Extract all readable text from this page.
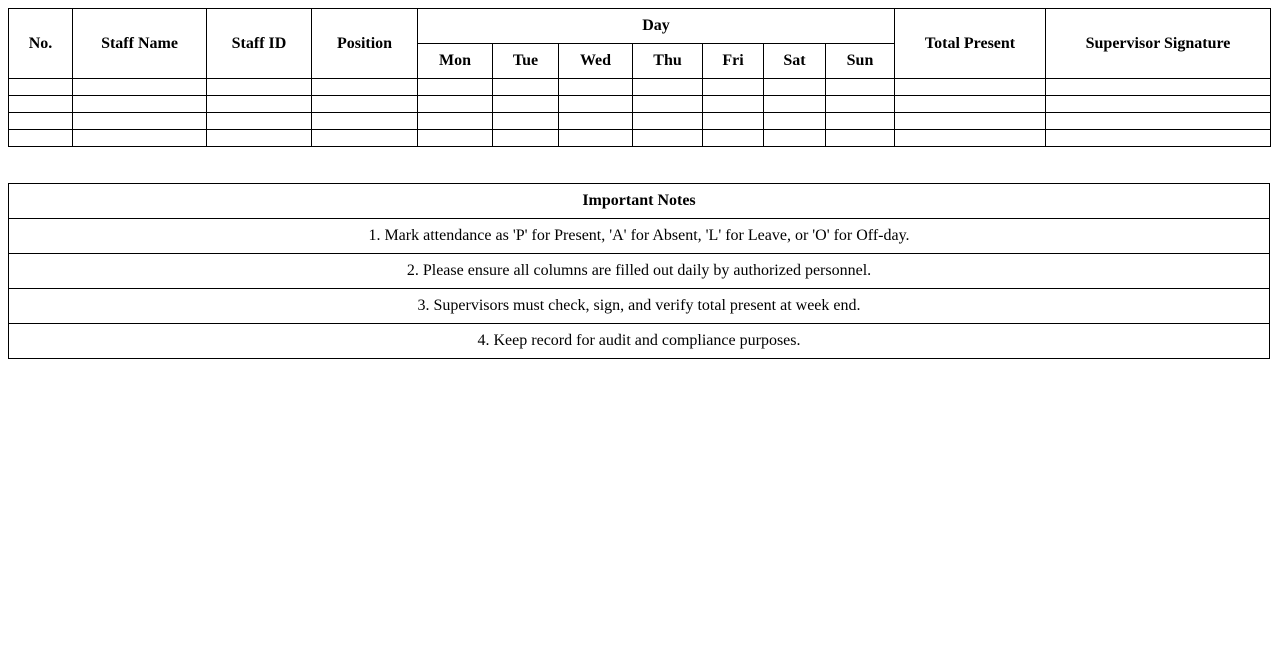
No.	Staff Name	Staff ID	Position	Day							Total Present	Supervisor Signature
				Mon	Tue	Wed	Thu	Fri	Sat	Sun		

Important Notes
1. Mark attendance as 'P' for Present, 'A' for Absent, 'L' for Leave, or 'O' for Off-day.
2. Please ensure all columns are filled out daily by authorized personnel.
3. Supervisors must check, sign, and verify total present at week end.
4. Keep record for audit and compliance purposes.
